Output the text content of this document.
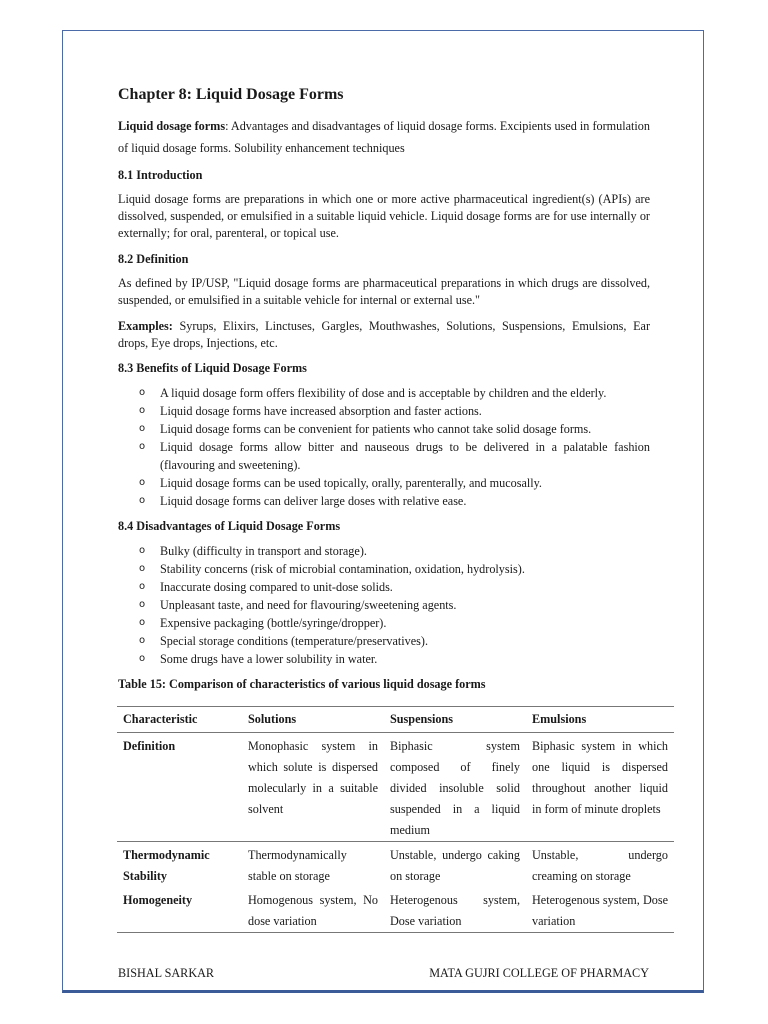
Chapter 8: Liquid Dosage Forms

Liquid dosage forms: Advantages and disadvantages of liquid dosage forms. Excipients used in formulation of liquid dosage forms. Solubility enhancement techniques

8.1 Introduction

Liquid dosage forms are preparations in which one or more active pharmaceutical ingredient(s) (APIs) are dissolved, suspended, or emulsified in a suitable liquid vehicle. Liquid dosage forms are for use internally or externally; for oral, parenteral, or topical use.

8.2 Definition

As defined by IP/USP, "Liquid dosage forms are pharmaceutical preparations in which drugs are dissolved, suspended, or emulsified in a suitable vehicle for internal or external use."

Examples: Syrups, Elixirs, Linctuses, Gargles, Mouthwashes, Solutions, Suspensions, Emulsions, Ear drops, Eye drops, Injections, etc.

8.3 Benefits of Liquid Dosage Forms
o A liquid dosage form offers flexibility of dose and is acceptable by children and the elderly.
o Liquid dosage forms have increased absorption and faster actions.
o Liquid dosage forms can be convenient for patients who cannot take solid dosage forms.
o Liquid dosage forms allow bitter and nauseous drugs to be delivered in a palatable fashion (flavouring and sweetening).
o Liquid dosage forms can be used topically, orally, parenterally, and mucosally.
o Liquid dosage forms can deliver large doses with relative ease.
8.4 Disadvantages of Liquid Dosage Forms
o Bulky (difficulty in transport and storage).
o Stability concerns (risk of microbial contamination, oxidation, hydrolysis).
o Inaccurate dosing compared to unit-dose solids.
o Unpleasant taste, and need for flavouring/sweetening agents.
o Expensive packaging (bottle/syringe/dropper).
o Special storage conditions (temperature/preservatives).
o Some drugs have a lower solubility in water.
Table 15: Comparison of characteristics of various liquid dosage forms
Characteristic	Solutions	Suspensions	Emulsions
Definition	Monophasic system in which solute is dispersed molecularly in a suitable solvent	Biphasic system composed of finely divided insoluble solid suspended in a liquid medium	Biphasic system in which one liquid is dispersed throughout another liquid in form of minute droplets
Thermodynamic Stability	Thermodynamically stable on storage	Unstable, undergo caking on storage	Unstable, undergo creaming on storage
Homogeneity	Homogenous system, No dose variation	Heterogenous system, Dose variation	Heterogenous system, Dose variation
BISHAL SARKAR	MATA GUJRI COLLEGE OF PHARMACY
